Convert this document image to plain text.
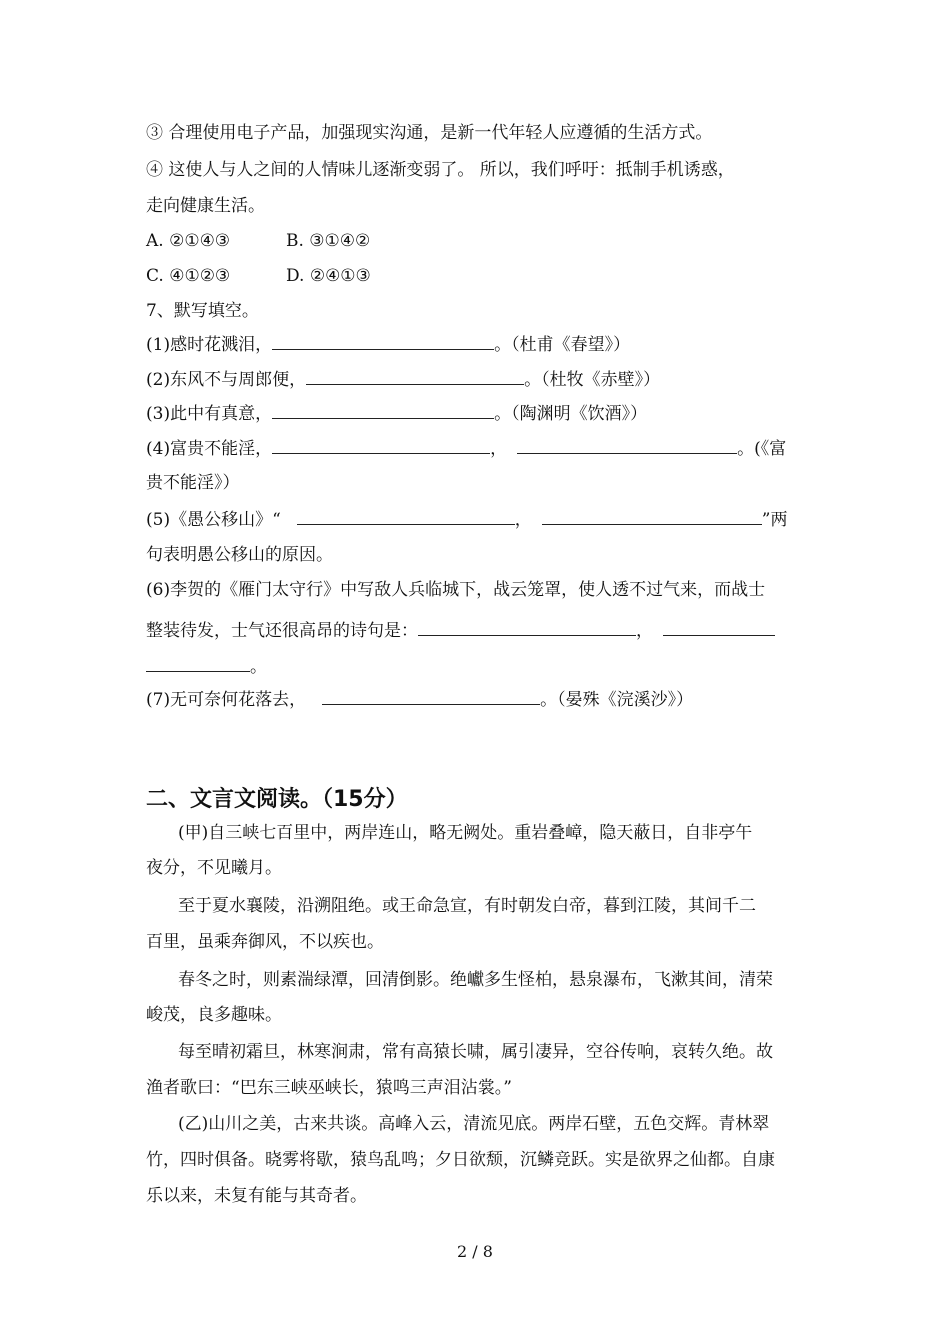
③ 合理使用电子产品，加强现实沟通，是新一代年轻人应遵循的生活方式。
④ 这使人与人之间的人情味儿逐渐变弱了。 所以，我们呼吁：抵制手机诱惑，
走向健康生活。
A. ②①④③	B. ③①④②
C. ④①②③	D. ②④①③
7、默写填空。
(1)感时花溅泪，	。（杜甫《春望》）
(2)东风不与周郎便，	。（杜牧《赤壁》）
(3)此中有真意，	。（陶渊明《饮酒》）
(4)富贵不能淫，	，	。(《富
贵不能淫》）
(5)《愚公移山》“	，	”两
句表明愚公移山的原因。
(6)李贺的《雁门太守行》中写敌人兵临城下，战云笼罩，使人透不过气来，而战士
整装待发，士气还很高昂的诗句是：	，
。
(7)无可奈何花落去，	。（晏殊《浣溪沙》）
二、文言文阅读。（15分）
(甲)自三峡七百里中，两岸连山，略无阙处。重岩叠嶂，隐天蔽日，自非亭午
夜分，不见曦月。
至于夏水襄陵，沿溯阻绝。或王命急宣，有时朝发白帝，暮到江陵，其间千二
百里，虽乘奔御风，不以疾也。
春冬之时，则素湍绿潭，回清倒影。绝巘多生怪柏，悬泉瀑布，飞漱其间，清荣
峻茂，良多趣味。
每至晴初霜旦，林寒涧肃，常有高猿长啸，属引凄异，空谷传响，哀转久绝。故
渔者歌曰：“巴东三峡巫峡长，猿鸣三声泪沾裳。”
(乙)山川之美，古来共谈。高峰入云，清流见底。两岸石壁，五色交辉。青林翠
竹，四时俱备。晓雾将歇，猿鸟乱鸣；夕日欲颓，沉鳞竞跃。实是欲界之仙都。自康
乐以来，未复有能与其奇者。
2 / 8
